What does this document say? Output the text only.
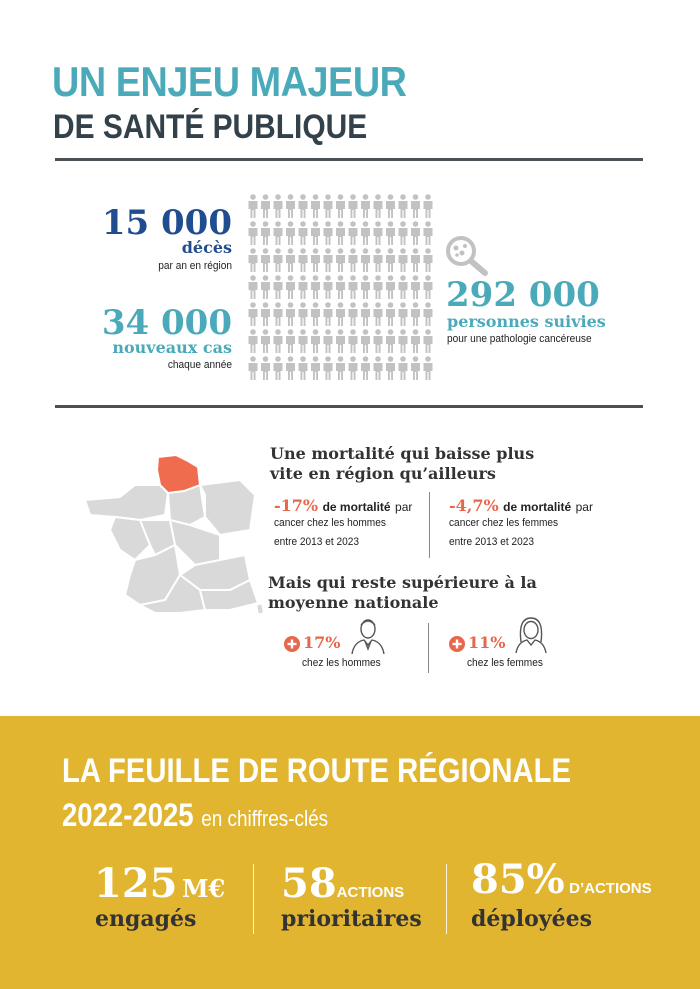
UN ENJEU MAJEUR
DE SANTÉ PUBLIQUE
15 000
décès
par an en région
34 000
nouveaux cas
chaque année
292 000
personnes suivies
pour une pathologie cancéreuse
Une mortalité qui baisse plus
vite en région qu’ailleurs
-17% de mortalité par
cancer chez les hommes
entre 2013 et 2023
-4,7% de mortalité par
cancer chez les femmes
entre 2013 et 2023
Mais qui reste supérieure à la
moyenne nationale
17%
chez les hommes
11%
chez les femmes
LA FEUILLE DE ROUTE RÉGIONALE
2022-2025 en chiffres-clés
125 M€
engagés
58ACTIONS
prioritaires
85% D’ACTIONS
déployées
